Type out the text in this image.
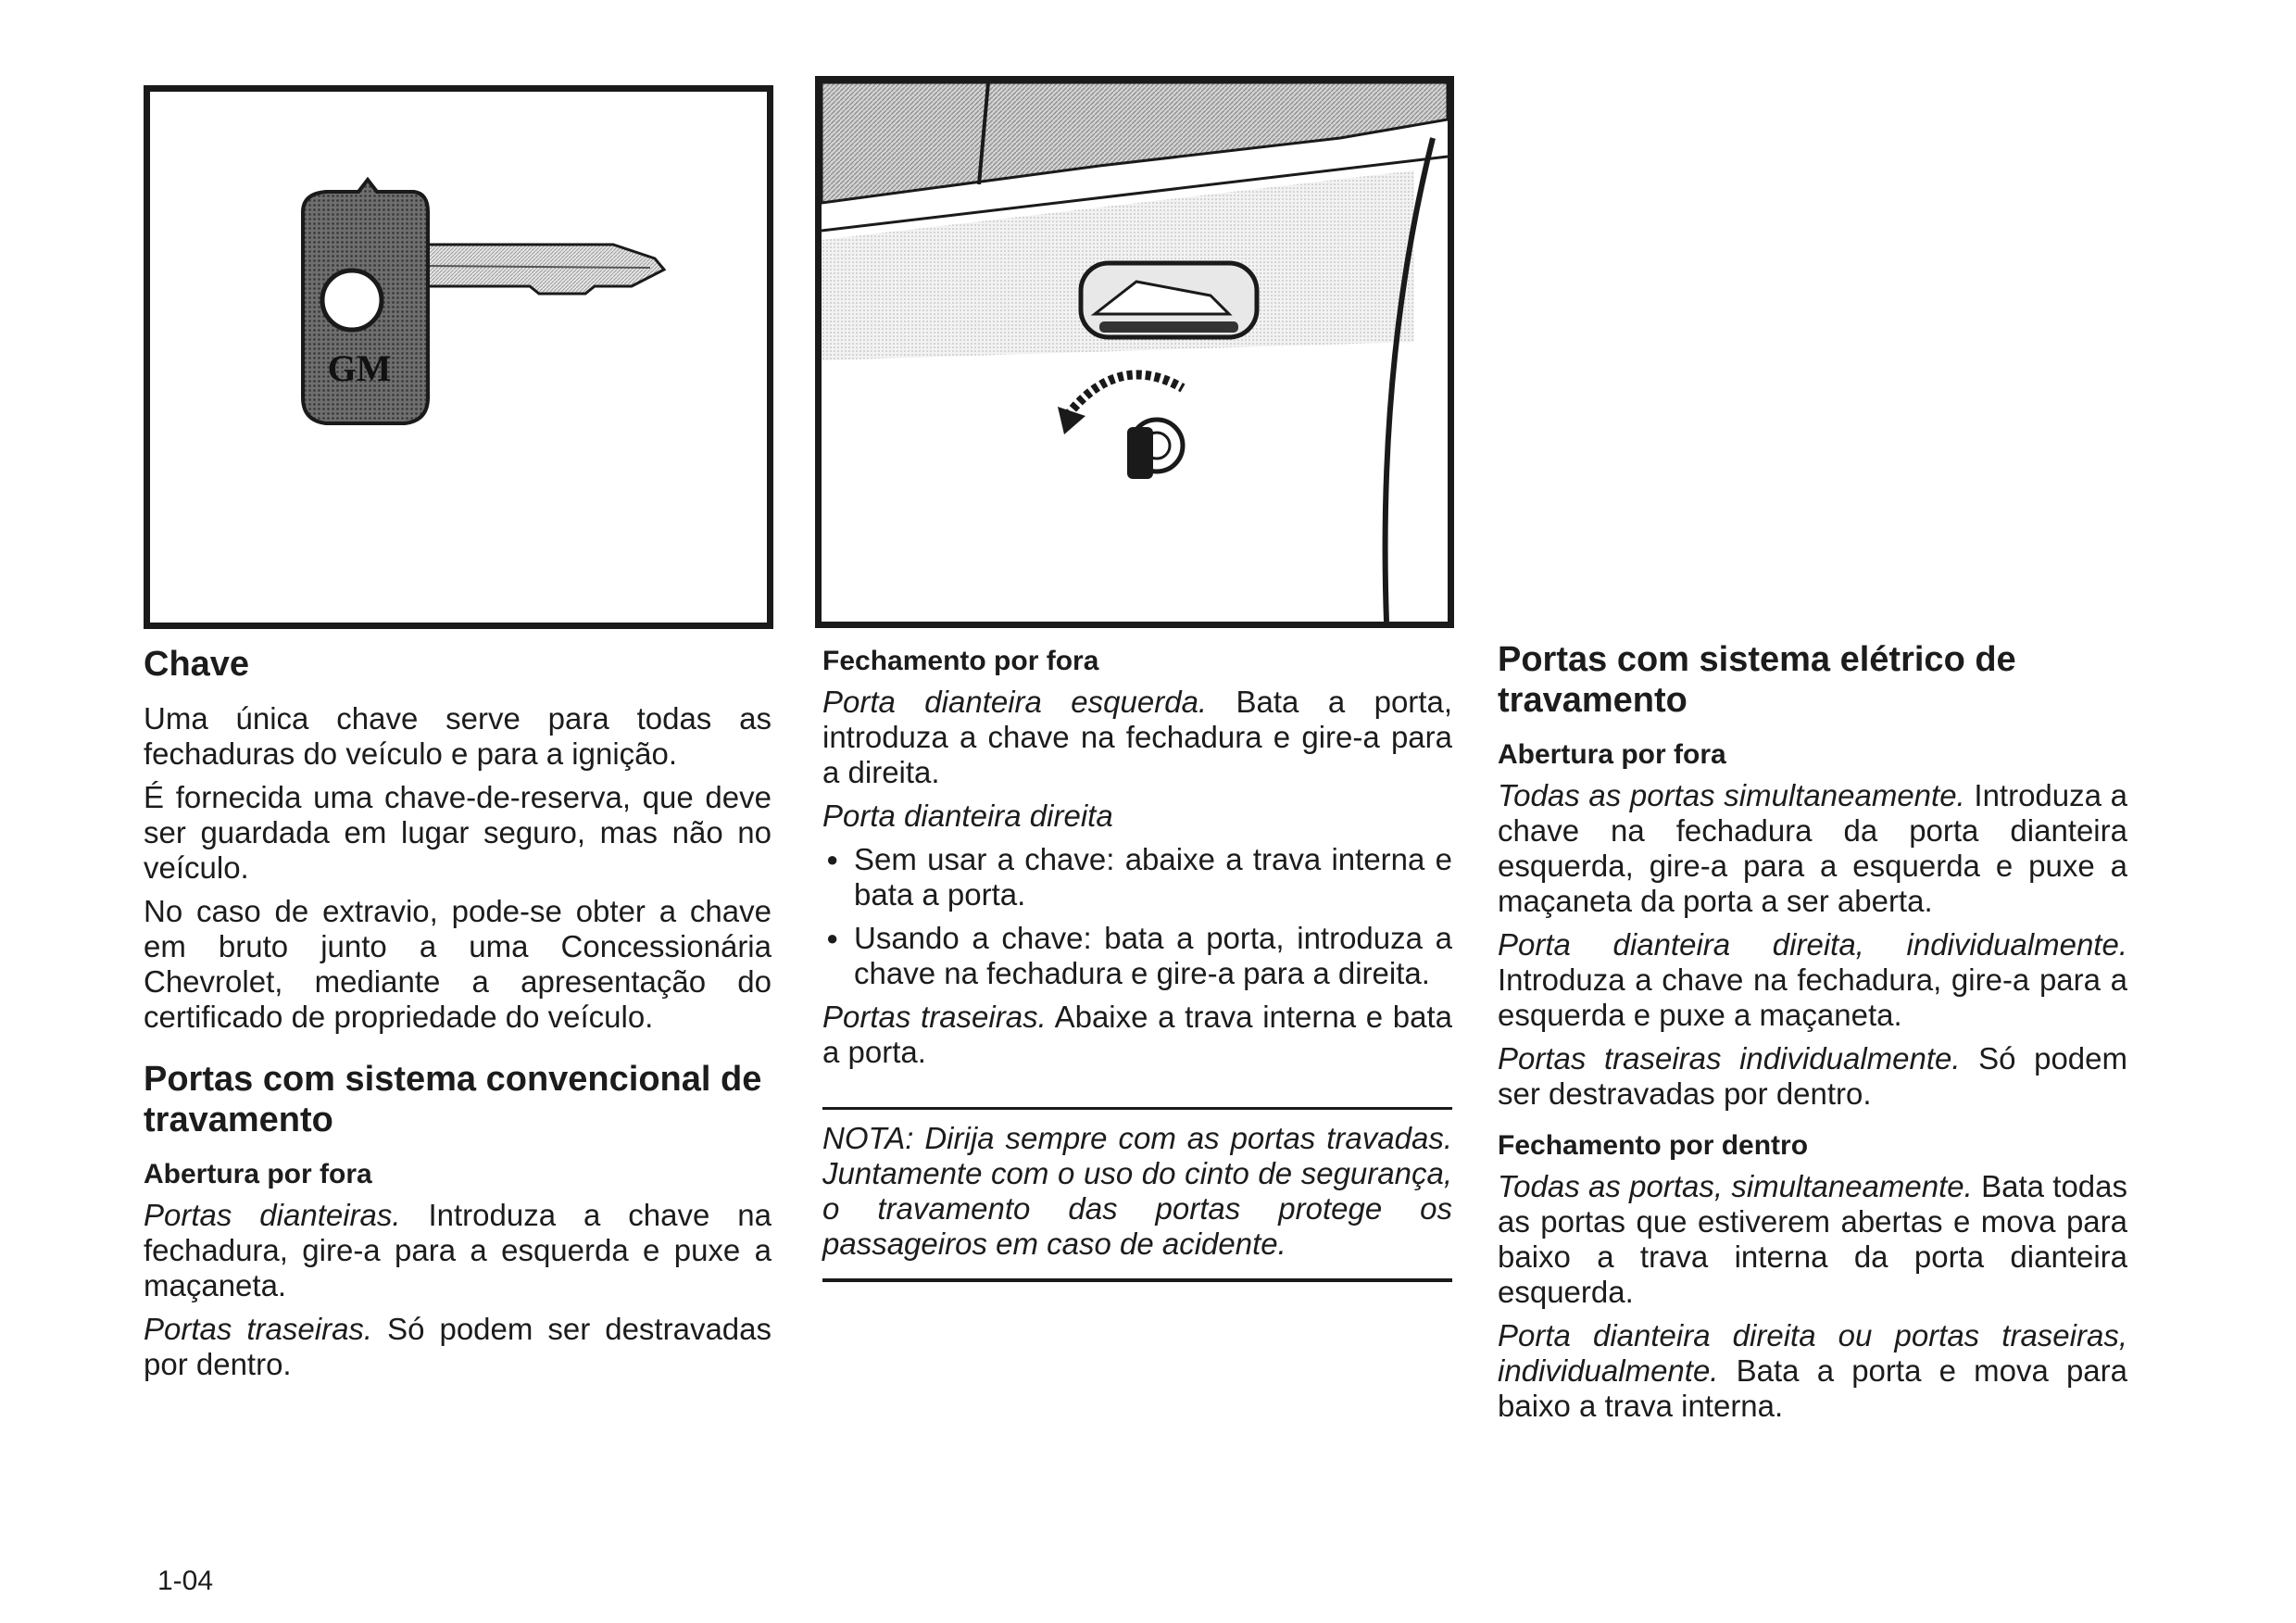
GM
Chave

Uma única chave serve para todas as fechaduras do veículo e para a ignição.

É fornecida uma chave-de-reserva, que deve ser guardada em lugar seguro, mas não no veículo.

No caso de extravio, pode-se obter a chave em bruto junto a uma Concessionária Chevrolet, mediante a apresentação do certificado de propriedade do veículo.

Portas com sistema convencional de travamento
Abertura por fora

Portas dianteiras. Introduza a chave na fechadura, gire-a para a esquerda e puxe a maçaneta.

Portas traseiras. Só podem ser destravadas por dentro.

Fechamento por fora

Porta dianteira esquerda. Bata a porta, introduza a chave na fechadura e gire-a para a direita.

Porta dianteira direita

● Sem usar a chave: abaixe a trava interna e bata a porta.
● Usando a chave: bata a porta, introduza a chave na fechadura e gire-a para a direita.

Portas traseiras. Abaixe a trava interna e bata a porta.

NOTA: Dirija sempre com as portas travadas. Juntamente com o uso do cinto de segurança, o travamento das portas protege os passageiros em caso de acidente.
Portas com sistema elétrico de travamento
Abertura por fora

Todas as portas simultaneamente. Introduza a chave na fechadura da porta dianteira esquerda, gire-a para a esquerda e puxe a maçaneta da porta a ser aberta.

Porta dianteira direita, individualmente. Introduza a chave na fechadura, gire-a para a esquerda e puxe a maçaneta.

Portas traseiras individualmente. Só podem ser destravadas por dentro.

Fechamento por dentro

Todas as portas, simultaneamente. Bata todas as portas que estiverem abertas e mova para baixo a trava interna da porta dianteira esquerda.

Porta dianteira direita ou portas traseiras, individualmente. Bata a porta e mova para baixo a trava interna.

1-04
